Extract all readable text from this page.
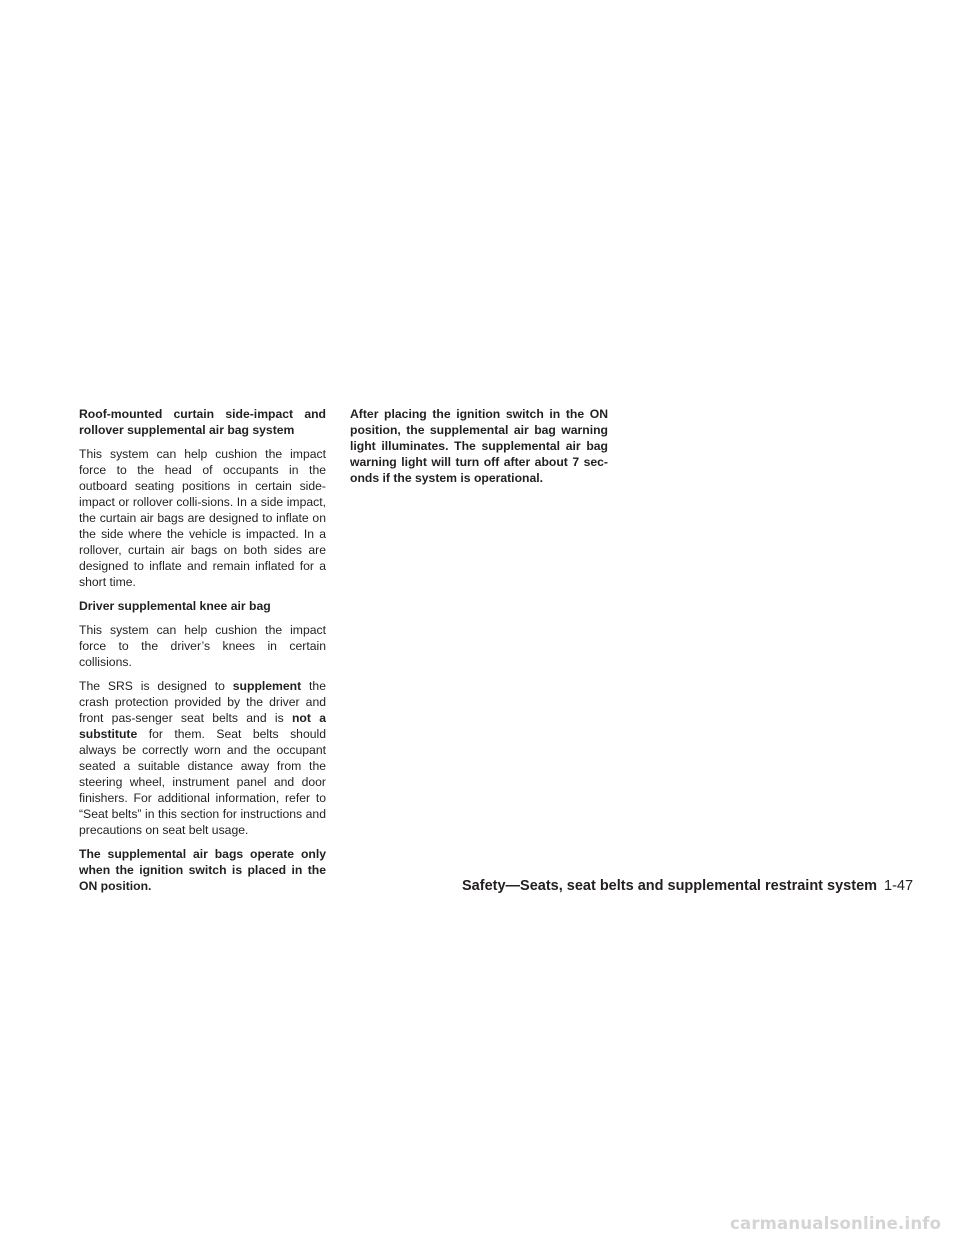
Roof-mounted curtain side-impact and rollover supplemental air bag system

This system can help cushion the impact force to the head of occupants in the outboard seating positions in certain side-impact or rollover colli-sions. In a side impact, the curtain air bags are designed to inflate on the side where the vehicle is impacted. In a rollover, curtain air bags on both sides are designed to inflate and remain inflated for a short time.

Driver supplemental knee air bag

This system can help cushion the impact force to the driver’s knees in certain collisions.

The SRS is designed to supplement the crash protection provided by the driver and front pas-senger seat belts and is not a substitute for them. Seat belts should always be correctly worn and the occupant seated a suitable distance away from the steering wheel, instrument panel and door finishers. For additional information, refer to “Seat belts” in this section for instructions and precautions on seat belt usage.

The supplemental air bags operate only when the ignition switch is placed in the ON position.

After placing the ignition switch in the ON position, the supplemental air bag warning light illuminates. The supplemental air bag warning light will turn off after about 7 sec-onds if the system is operational.

Safety—Seats, seat belts and supplemental restraint system 1-47
carmanualsonline.info
